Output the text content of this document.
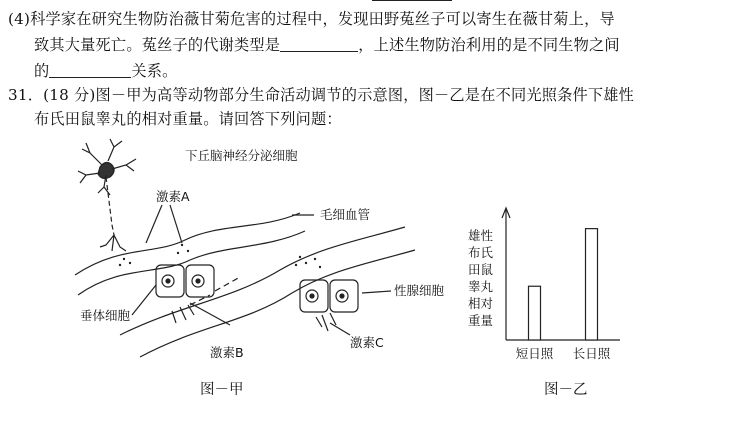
(4)科学家在研究生物防治薇甘菊危害的过程中，发现田野菟丝子可以寄生在薇甘菊上，导
致其大量死亡。菟丝子的代谢类型是	，上述生物防治利用的是不同生物之间
的	关系。
31．(18 分)图－甲为高等动物部分生命活动调节的示意图，图－乙是在不同光照条件下雄性
布氏田鼠睾丸的相对重量。请回答下列问题：
下丘脑神经分泌细胞
激素A
毛细血管
性腺细胞
垂体细胞
激素B
激素C
图－甲
雄性
布氏
田鼠
睾丸
相对
重量
短日照 长日照
图－乙
